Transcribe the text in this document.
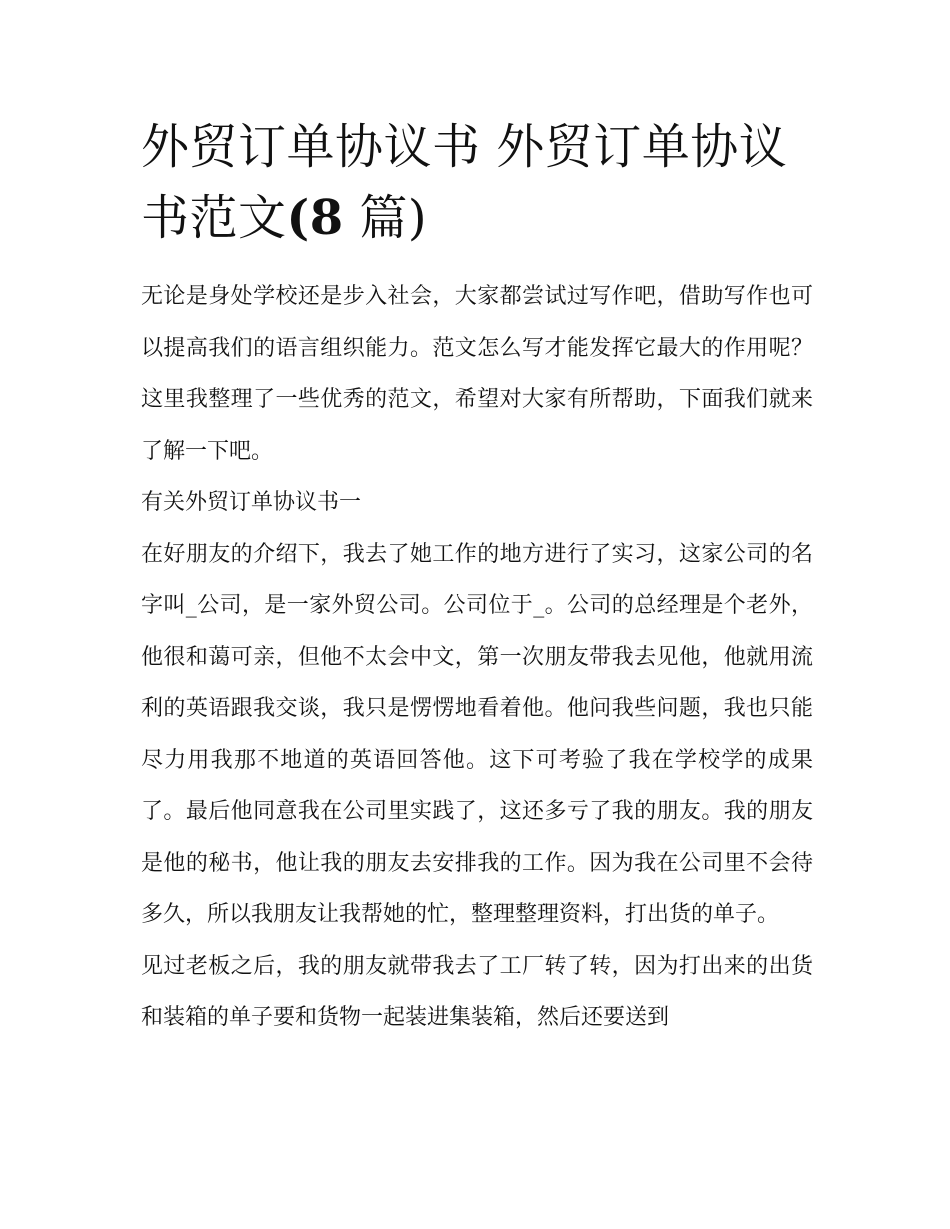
外贸订单协议书 外贸订单协议书范文(8 篇)

无论是身处学校还是步入社会，大家都尝试过写作吧，借助写作也可以提高我们的语言组织能力。范文怎么写才能发挥它最大的作用呢？这里我整理了一些优秀的范文，希望对大家有所帮助，下面我们就来了解一下吧。

有关外贸订单协议书一

在好朋友的介绍下，我去了她工作的地方进行了实习，这家公司的名字叫_公司，是一家外贸公司。公司位于_。公司的总经理是个老外，他很和蔼可亲，但他不太会中文，第一次朋友带我去见他，他就用流利的英语跟我交谈，我只是愣愣地看着他。他问我些问题，我也只能尽力用我那不地道的英语回答他。这下可考验了我在学校学的成果了。最后他同意我在公司里实践了，这还多亏了我的朋友。我的朋友是他的秘书，他让我的朋友去安排我的工作。因为我在公司里不会待多久，所以我朋友让我帮她的忙，整理整理资料，打出货的单子。

见过老板之后，我的朋友就带我去了工厂转了转，因为打出来的出货和装箱的单子要和货物一起装进集装箱，然后还要送到
